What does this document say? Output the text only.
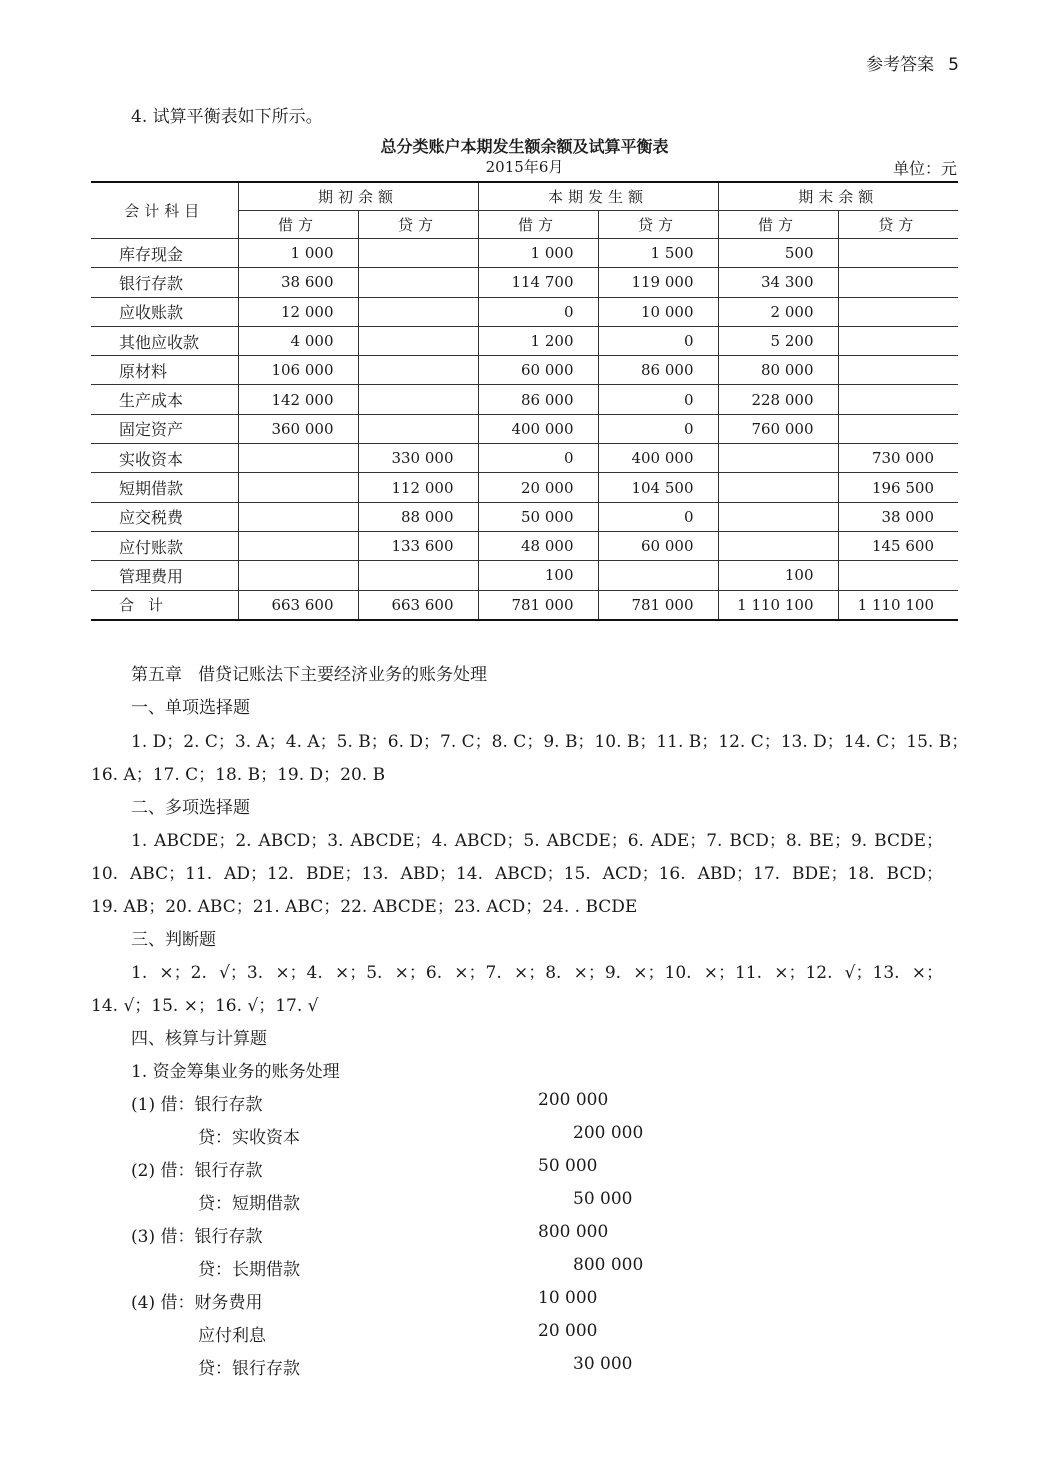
参考答案 5
4. 试算平衡表如下所示。
总分类账户本期发生额余额及试算平衡表
2015年6月	单位：元
会计科目	期初余额		本期发生额		期末余额	
	借方	贷方	借方	贷方	借方	贷方
库存现金	1 000		1 000	1 500	500	
银行存款	38 600		114 700	119 000	34 300	
应收账款	12 000		0	10 000	2 000	
其他应收款	4 000		1 200	0	5 200	
原材料	106 000		60 000	86 000	80 000	
生产成本	142 000		86 000	0	228 000	
固定资产	360 000		400 000	0	760 000	
实收资本		330 000	0	400 000		730 000
短期借款		112 000	20 000	104 500		196 500
应交税费		88 000	50 000	0		38 000
应付账款		133 600	48 000	60 000		145 600
管理费用			100		100	
合计	663 600	663 600	781 000	781 000	1 110 100	1 110 100
第五章 借贷记账法下主要经济业务的账务处理
一、单项选择题
1. D；2. C；3. A；4. A；5. B；6. D；7. C；8. C；9. B；10. B；11. B；12. C；13. D；14. C；15. B；
16. A；17. C；18. B；19. D；20. B
二、多项选择题
1. ABCDE；2. ABCD；3. ABCDE；4. ABCD；5. ABCDE；6. ADE；7. BCD；8. BE；9. BCDE；
10. ABC；11. AD；12. BDE；13. ABD；14. ABCD；15. ACD；16. ABD；17. BDE；18. BCD；
19. AB；20. ABC；21. ABC；22. ABCDE；23. ACD；24. . BCDE
三、判断题
1. ×；2. √；3. ×；4. ×；5. ×；6. ×；7. ×；8. ×；9. ×；10. ×；11. ×；12. √；13. ×；
14. √；15. ×；16. √；17. √
四、核算与计算题
1. 资金筹集业务的账务处理
(1) 借：银行存款	200 000
贷：实收资本	200 000
(2) 借：银行存款	50 000
贷：短期借款	50 000
(3) 借：银行存款	800 000
贷：长期借款	800 000
(4) 借：财务费用	10 000
应付利息	20 000
贷：银行存款	30 000
